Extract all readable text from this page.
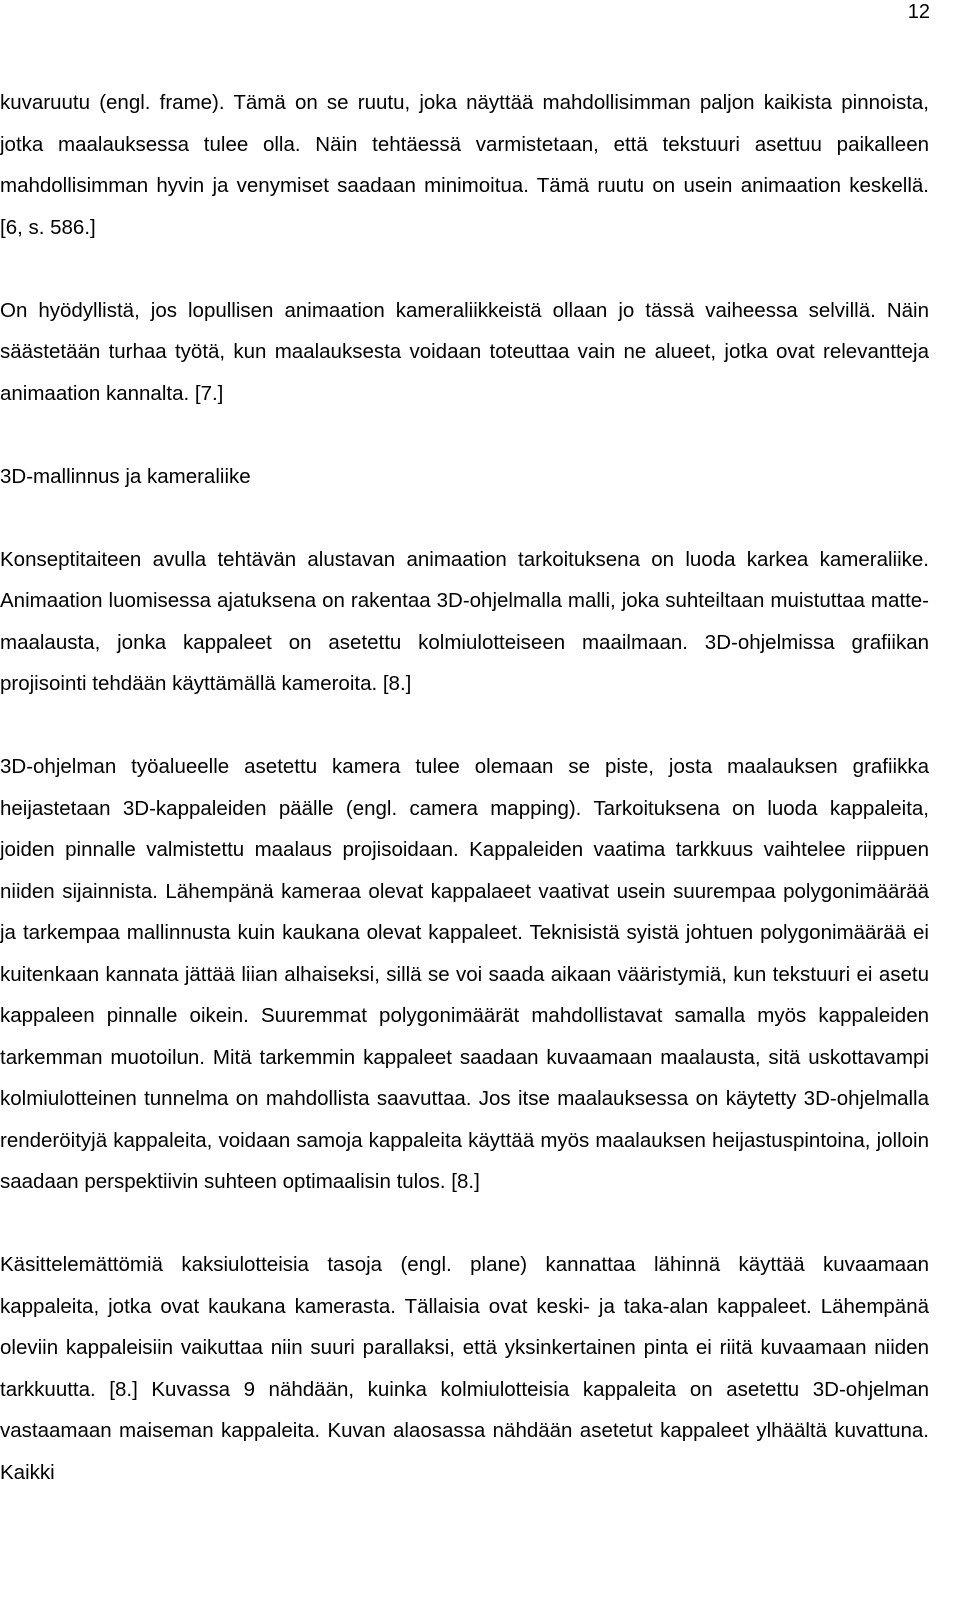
12

kuvaruutu (engl. frame). Tämä on se ruutu, joka näyttää mahdollisimman paljon kaikista pinnoista, jotka maalauksessa tulee olla. Näin tehtäessä varmistetaan, että tekstuuri asettuu paikalleen mahdollisimman hyvin ja venymiset saadaan minimoitua. Tämä ruutu on usein animaation keskellä. [6, s. 586.]

On hyödyllistä, jos lopullisen animaation kameraliikkeistä ollaan jo tässä vaiheessa selvillä. Näin säästetään turhaa työtä, kun maalauksesta voidaan toteuttaa vain ne alueet, jotka ovat relevantteja animaation kannalta. [7.]

3D-mallinnus ja kameraliike

Konseptitaiteen avulla tehtävän alustavan animaation tarkoituksena on luoda karkea kameraliike. Animaation luomisessa ajatuksena on rakentaa 3D-ohjelmalla malli, joka suhteiltaan muistuttaa matte-maalausta, jonka kappaleet on asetettu kolmiulotteiseen maailmaan. 3D-ohjelmissa grafiikan projisointi tehdään käyttämällä kameroita. [8.]

3D-ohjelman työalueelle asetettu kamera tulee olemaan se piste, josta maalauksen grafiikka heijastetaan 3D-kappaleiden päälle (engl. camera mapping). Tarkoituksena on luoda kappaleita, joiden pinnalle valmistettu maalaus projisoidaan. Kappaleiden vaatima tarkkuus vaihtelee riippuen niiden sijainnista. Lähempänä kameraa olevat kappalaeet vaativat usein suurempaa polygonimäärää ja tarkempaa mallinnusta kuin kaukana olevat kappaleet. Teknisistä syistä johtuen polygonimäärää ei kuitenkaan kannata jättää liian alhaiseksi, sillä se voi saada aikaan vääristymiä, kun tekstuuri ei asetu kappaleen pinnalle oikein. Suuremmat polygonimäärät mahdollistavat samalla myös kappaleiden tarkemman muotoilun. Mitä tarkemmin kappaleet saadaan kuvaamaan maalausta, sitä uskottavampi kolmiulotteinen tunnelma on mahdollista saavuttaa. Jos itse maalauksessa on käytetty 3D-ohjelmalla renderöityjä kappaleita, voidaan samoja kappaleita käyttää myös maalauksen heijastuspintoina, jolloin saadaan perspektiivin suhteen optimaalisin tulos. [8.]

Käsittelemättömiä kaksiulotteisia tasoja (engl. plane) kannattaa lähinnä käyttää kuvaamaan kappaleita, jotka ovat kaukana kamerasta. Tällaisia ovat keski- ja taka-alan kappaleet. Lähempänä oleviin kappaleisiin vaikuttaa niin suuri parallaksi, että yksinkertainen pinta ei riitä kuvaamaan niiden tarkkuutta. [8.] Kuvassa 9 nähdään, kuinka kolmiulotteisia kappaleita on asetettu 3D-ohjelman vastaamaan maiseman kappaleita. Kuvan alaosassa nähdään asetetut kappaleet ylhäältä kuvattuna. Kaikki
